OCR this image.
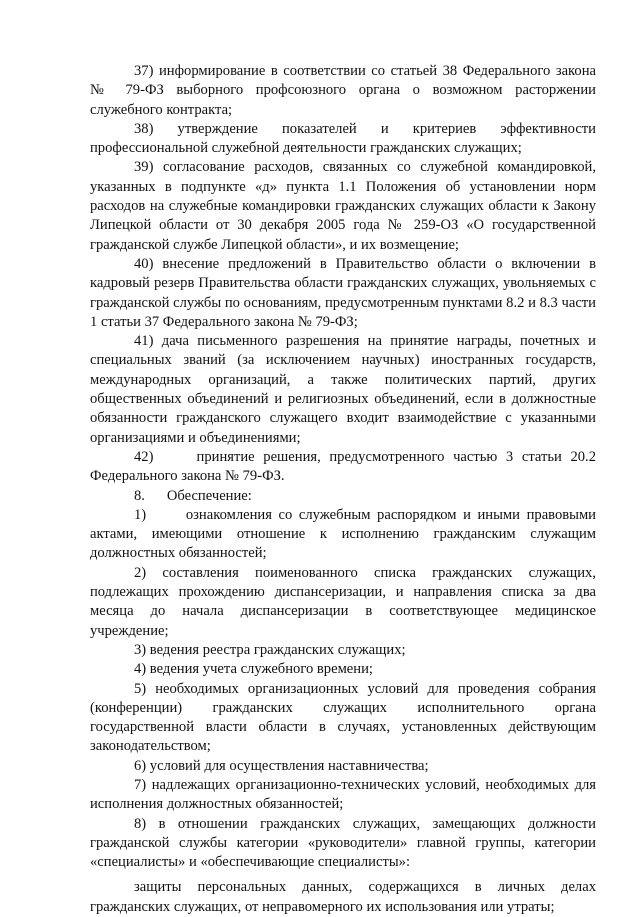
37) информирование в соответствии со статьей 38 Федерального закона № 79-ФЗ выборного профсоюзного органа о возможном расторжении служебного контракта;

38) утверждение показателей и критериев эффективности профессиональной служебной деятельности гражданских служащих;

39) согласование расходов, связанных со служебной командировкой, указанных в подпункте «д» пункта 1.1 Положения об установлении норм расходов на служебные командировки гражданских служащих области к Закону Липецкой области от 30 декабря 2005 года № 259-ОЗ «О государственной гражданской службе Липецкой области», и их возмещение;

40) внесение предложений в Правительство области о включении в кадровый резерв Правительства области гражданских служащих, увольняемых с гражданской службы по основаниям, предусмотренным пунктами 8.2 и 8.3 части 1 статьи 37 Федерального закона № 79-ФЗ;

41) дача письменного разрешения на принятие награды, почетных и специальных званий (за исключением научных) иностранных государств, международных организаций, а также политических партий, других общественных объединений и религиозных объединений, если в должностные обязанности гражданского служащего входит взаимодействие с указанными организациями и объединениями;

42)     принятие решения, предусмотренного частью 3 статьи 20.2 Федерального закона № 79-ФЗ.

8.      Обеспечение:

1)      ознакомления со служебным распорядком и иными правовыми актами, имеющими отношение к исполнению гражданским служащим должностных обязанностей;

2) составления поименованного списка гражданских служащих, подлежащих прохождению диспансеризации, и направления списка за два месяца до начала диспансеризации в соответствующее медицинское учреждение;

3) ведения реестра гражданских служащих;

4) ведения учета служебного времени;

5) необходимых организационных условий для проведения собрания (конференции) гражданских служащих исполнительного органа государственной власти области в случаях, установленных действующим законодательством;

6) условий для осуществления наставничества;

7) надлежащих организационно-технических условий, необходимых для исполнения должностных обязанностей;

8) в отношении гражданских служащих, замещающих должности гражданской службы категории «руководители» главной группы, категории «специалисты» и «обеспечивающие специалисты»:

защиты персональных данных, содержащихся в личных делах гражданских служащих, от неправомерного их использования или утраты;
